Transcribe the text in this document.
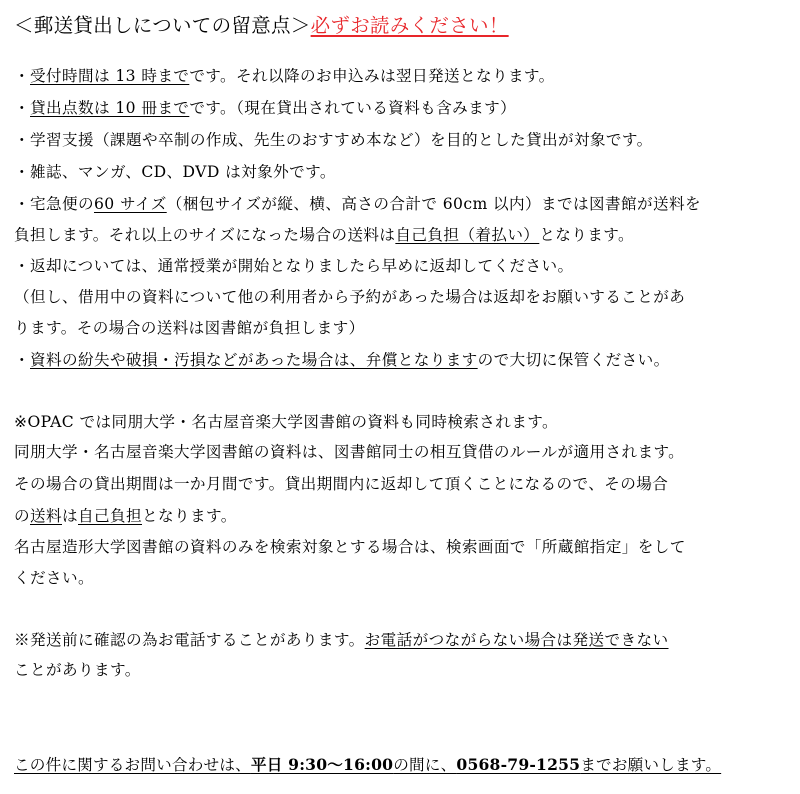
＜郵送貸出しについての留意点＞必ずお読みください！
・受付時間は 13 時までです。それ以降のお申込みは翌日発送となります。
・貸出点数は 10 冊までです。（現在貸出されている資料も含みます）
・学習支援（課題や卒制の作成、先生のおすすめ本など）を目的とした貸出が対象です。
・雑誌、マンガ、CD、DVD は対象外です。
・宅急便の60 サイズ（梱包サイズが縦、横、高さの合計で 60cm 以内）までは図書館が送料を
負担します。それ以上のサイズになった場合の送料は自己負担（着払い）となります。
・返却については、通常授業が開始となりましたら早めに返却してください。
（但し、借用中の資料について他の利用者から予約があった場合は返却をお願いすることがあ
ります。その場合の送料は図書館が負担します）
・資料の紛失や破損・汚損などがあった場合は、弁償となりますので大切に保管ください。
※OPAC では同朋大学・名古屋音楽大学図書館の資料も同時検索されます。
同朋大学・名古屋音楽大学図書館の資料は、図書館同士の相互貸借のルールが適用されます。
その場合の貸出期間は一か月間です。貸出期間内に返却して頂くことになるので、その場合
の送料は自己負担となります。
名古屋造形大学図書館の資料のみを検索対象とする場合は、検索画面で「所蔵館指定」をして
ください。
※発送前に確認の為お電話することがあります。お電話がつながらない場合は発送できない
ことがあります。
この件に関するお問い合わせは、平日 9:30～16:00の間に、0568-79-1255までお願いします。
